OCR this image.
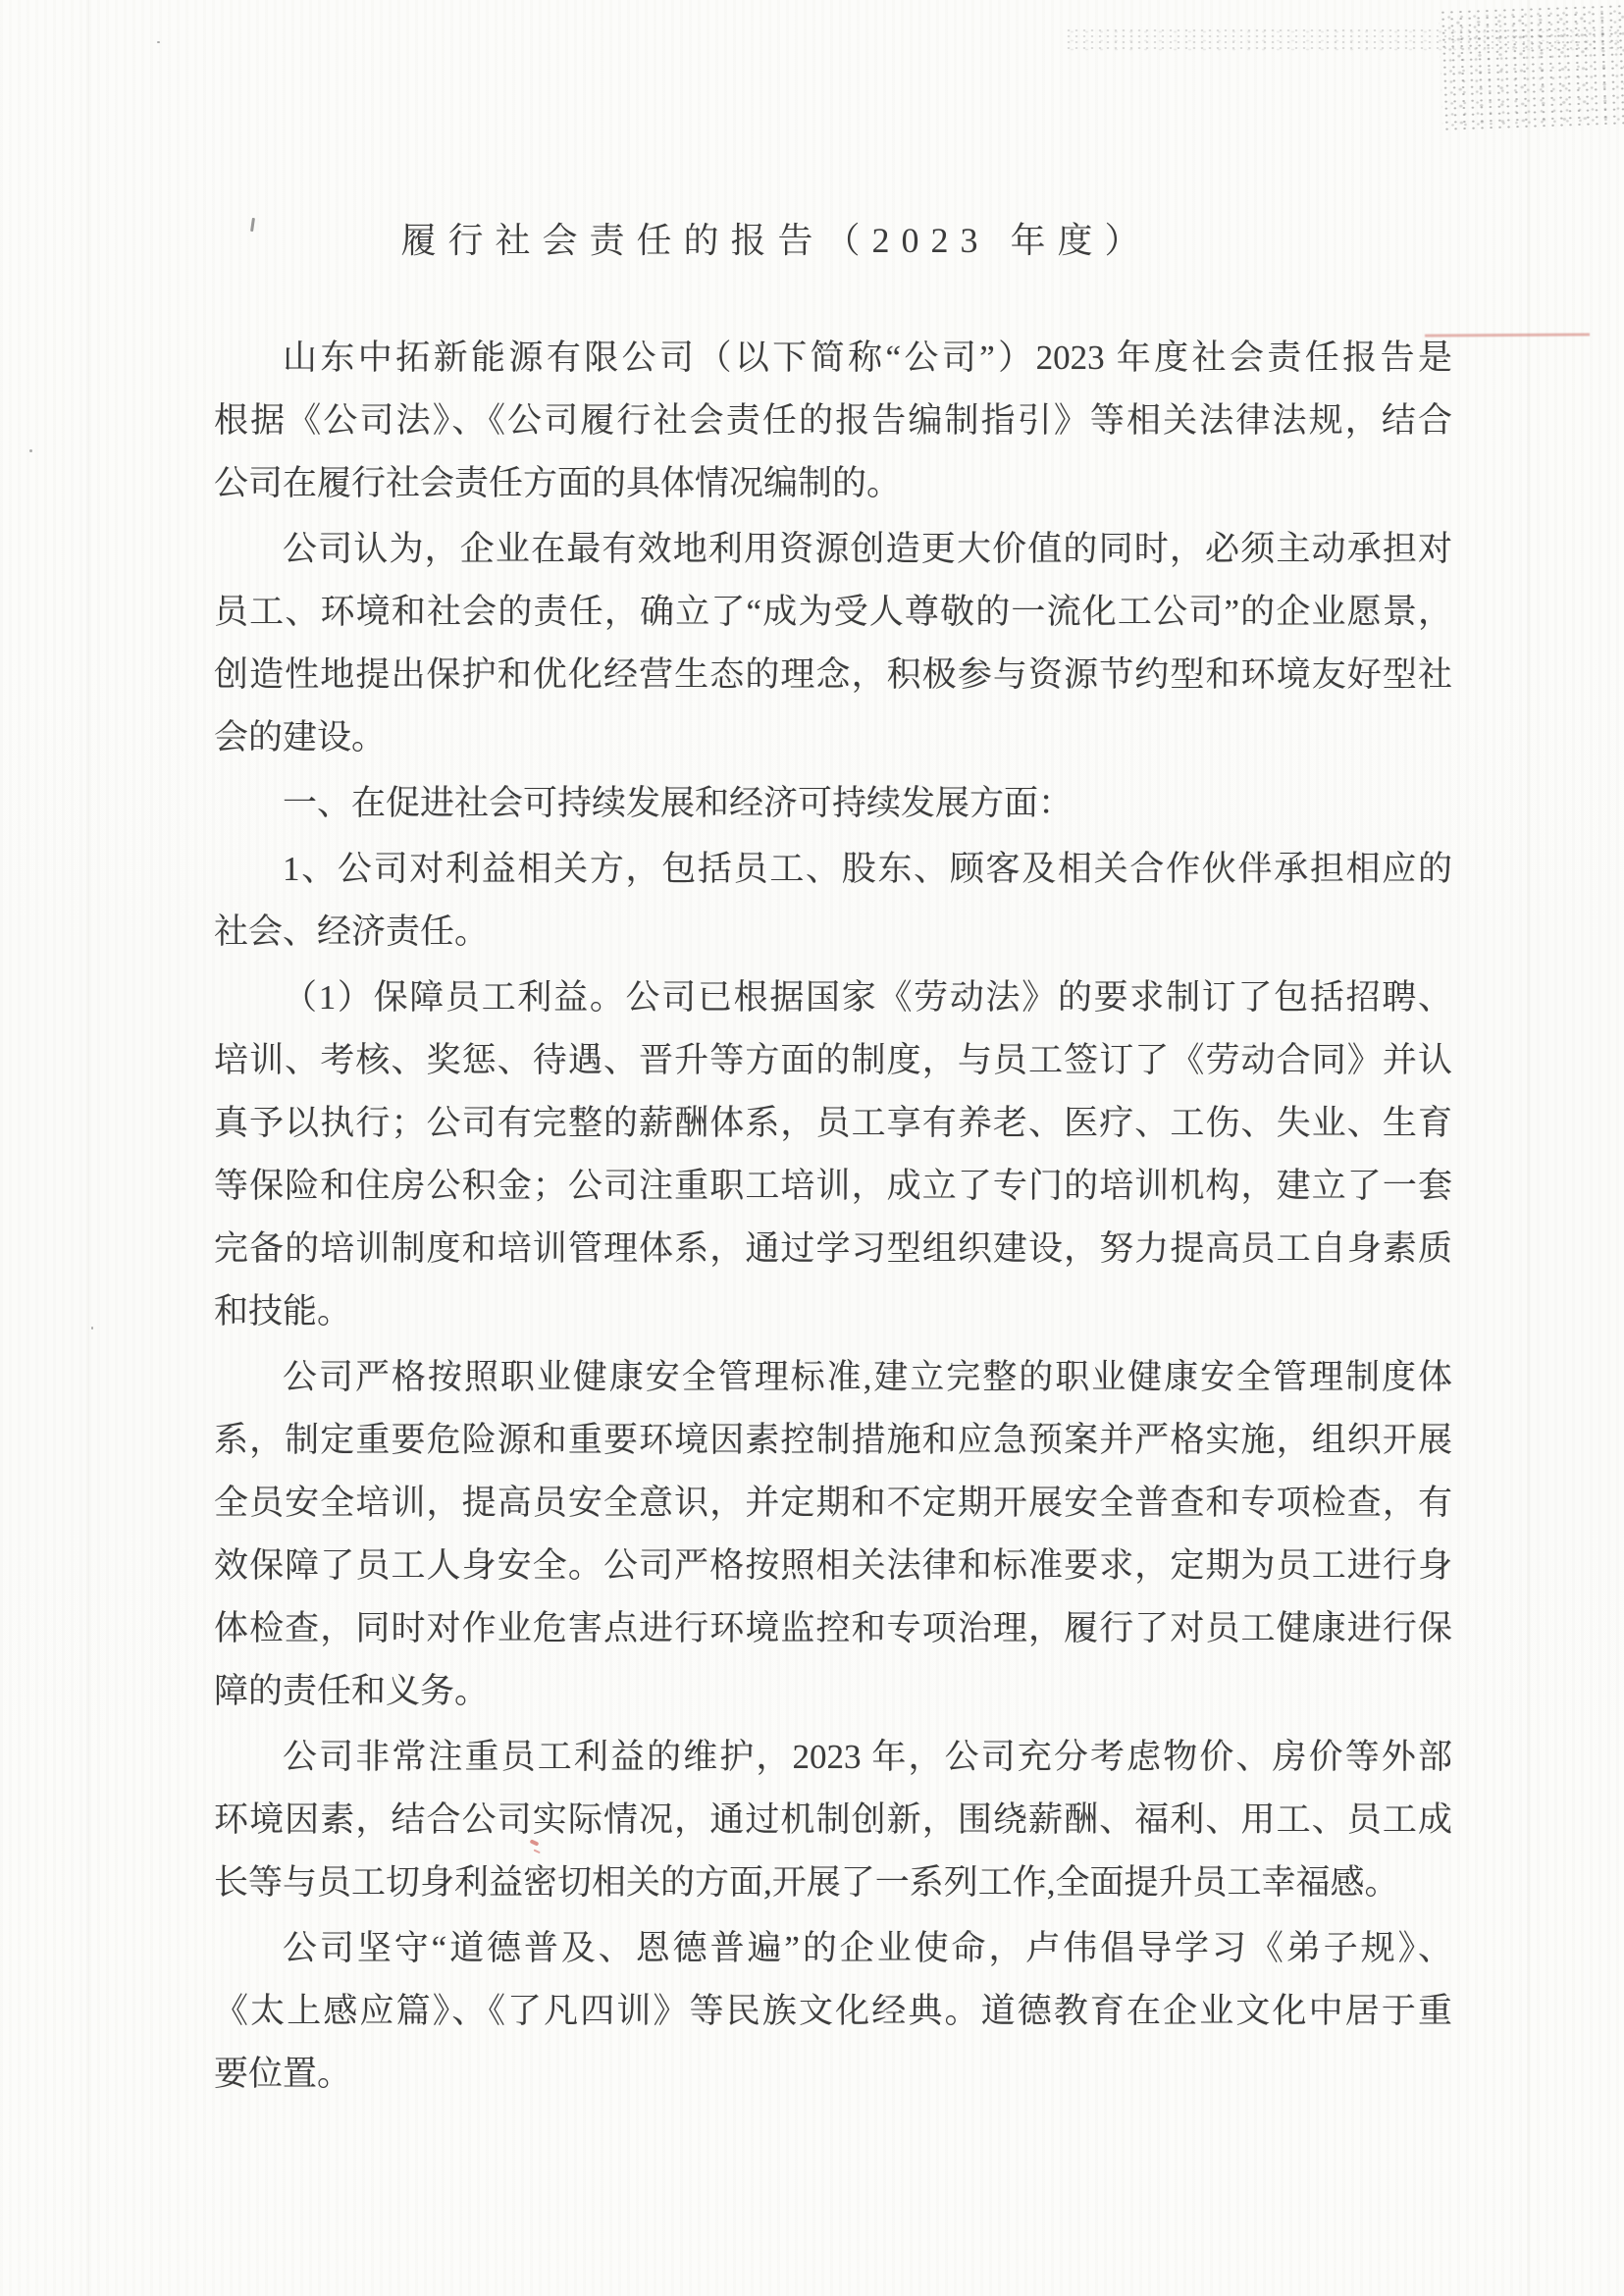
履行社会责任的报告（2023 年度）
山东中拓新能源有限公司（以下简称“公司”）2023 年度社会责任报告是
根据《公司法》、《公司履行社会责任的报告编制指引》等相关法律法规，结合
公司在履行社会责任方面的具体情况编制的。
公司认为，企业在最有效地利用资源创造更大价值的同时，必须主动承担对
员工、环境和社会的责任，确立了“成为受人尊敬的一流化工公司”的企业愿景，
创造性地提出保护和优化经营生态的理念，积极参与资源节约型和环境友好型社
会的建设。
一、在促进社会可持续发展和经济可持续发展方面：
1、公司对利益相关方，包括员工、股东、顾客及相关合作伙伴承担相应的
社会、经济责任。
（1）保障员工利益。公司已根据国家《劳动法》的要求制订了包括招聘、
培训、考核、奖惩、待遇、晋升等方面的制度，与员工签订了《劳动合同》并认
真予以执行；公司有完整的薪酬体系，员工享有养老、医疗、工伤、失业、生育
等保险和住房公积金；公司注重职工培训，成立了专门的培训机构，建立了一套
完备的培训制度和培训管理体系，通过学习型组织建设，努力提高员工自身素质
和技能。
公司严格按照职业健康安全管理标准,建立完整的职业健康安全管理制度体
系，制定重要危险源和重要环境因素控制措施和应急预案并严格实施，组织开展
全员安全培训，提高员安全意识，并定期和不定期开展安全普查和专项检查，有
效保障了员工人身安全。公司严格按照相关法律和标准要求，定期为员工进行身
体检查，同时对作业危害点进行环境监控和专项治理，履行了对员工健康进行保
障的责任和义务。
公司非常注重员工利益的维护，2023 年，公司充分考虑物价、房价等外部
环境因素，结合公司实际情况，通过机制创新，围绕薪酬、福利、用工、员工成
长等与员工切身利益密切相关的方面,开展了一系列工作,全面提升员工幸福感。
公司坚守“道德普及、恩德普遍”的企业使命，卢伟倡导学习《弟子规》、
《太上感应篇》、《了凡四训》等民族文化经典。道德教育在企业文化中居于重
要位置。
